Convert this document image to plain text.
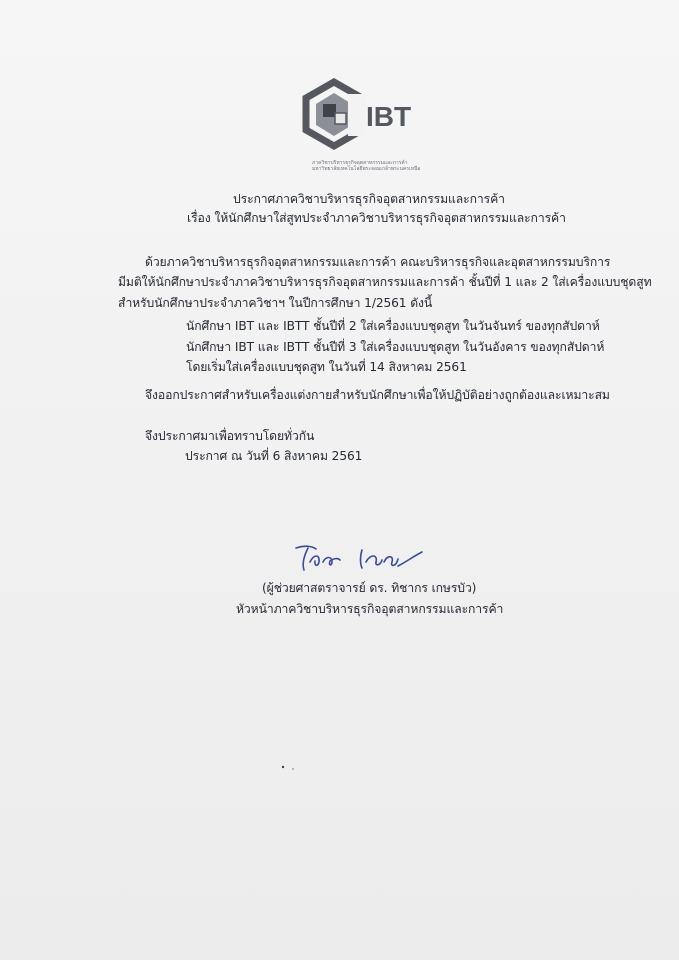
IBT
ภาควิชาบริหารธุรกิจอุตสาหกรรมและการค้า
มหาวิทยาลัยเทคโนโลยีพระจอมเกล้าพระนครเหนือ
ประกาศภาควิชาบริหารธุรกิจอุตสาหกรรมและการค้า
เรื่อง ให้นักศึกษาใส่สูทประจำภาควิชาบริหารธุรกิจอุตสาหกรรมและการค้า
ด้วยภาควิชาบริหารธุรกิจอุตสาหกรรมและการค้า คณะบริหารธุรกิจและอุตสาหกรรมบริการ
มีมติให้นักศึกษาประจำภาควิชาบริหารธุรกิจอุตสาหกรรมและการค้า ชั้นปีที่ 1 และ 2 ใส่เครื่องแบบชุดสูท
สำหรับนักศึกษาประจำภาควิชาฯ ในปีการศึกษา 1/2561 ดังนี้
นักศึกษา IBT และ IBTT ชั้นปีที่ 2 ใส่เครื่องแบบชุดสูท ในวันจันทร์ ของทุกสัปดาห์
นักศึกษา IBT และ IBTT ชั้นปีที่ 3 ใส่เครื่องแบบชุดสูท ในวันอังคาร ของทุกสัปดาห์
โดยเริ่มใส่เครื่องแบบชุดสูท ในวันที่ 14 สิงหาคม 2561
จึงออกประกาศสำหรับเครื่องแต่งกายสำหรับนักศึกษาเพื่อให้ปฏิบัติอย่างถูกต้องและเหมาะสม
จึงประกาศมาเพื่อทราบโดยทั่วกัน
ประกาศ ณ วันที่ 6 สิงหาคม 2561
(ผู้ช่วยศาสตราจารย์ ดร. ทิชากร เกษรบัว)
หัวหน้าภาควิชาบริหารธุรกิจอุตสาหกรรมและการค้า
